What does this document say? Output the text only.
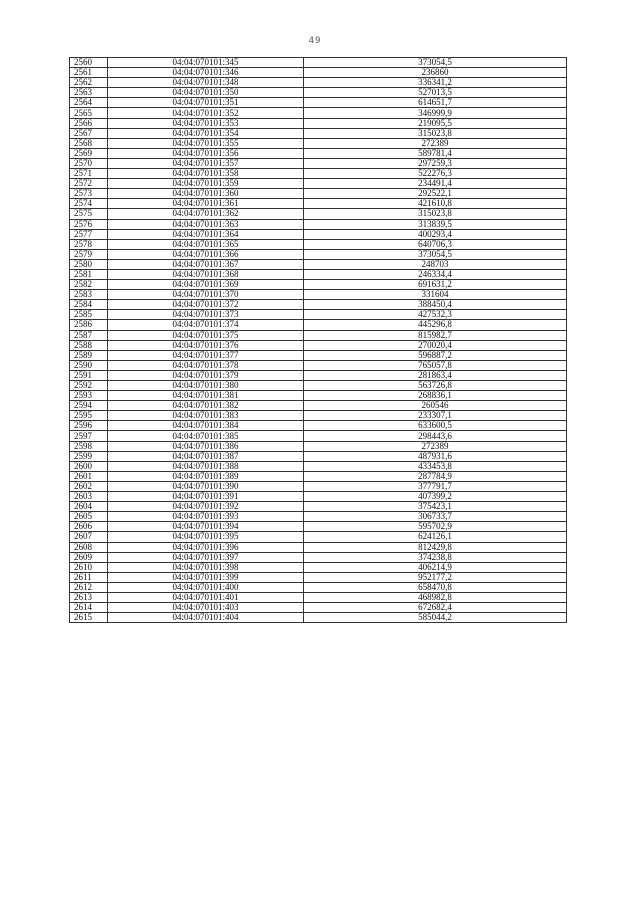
49
2560	04:04:070101:345	373054,5
2561	04:04:070101:346	236860
2562	04:04:070101:348	336341,2
2563	04:04:070101:350	527013,5
2564	04:04:070101:351	614651,7
2565	04:04:070101:352	346999,9
2566	04:04:070101:353	219095,5
2567	04:04:070101:354	315023,8
2568	04:04:070101:355	272389
2569	04:04:070101:356	589781,4
2570	04:04:070101:357	297259,3
2571	04:04:070101:358	522276,3
2572	04:04:070101:359	234491,4
2573	04:04:070101:360	292522,1
2574	04:04:070101:361	421610,8
2575	04:04:070101:362	315023,8
2576	04:04:070101:363	313839,5
2577	04:04:070101:364	400293,4
2578	04:04:070101:365	640706,3
2579	04:04:070101:366	373054,5
2580	04:04:070101:367	248703
2581	04:04:070101:368	246334,4
2582	04:04:070101:369	691631,2
2583	04:04:070101:370	331604
2584	04:04:070101:372	388450,4
2585	04:04:070101:373	427532,3
2586	04:04:070101:374	445296,8
2587	04:04:070101:375	815982,7
2588	04:04:070101:376	270020,4
2589	04:04:070101:377	596887,2
2590	04:04:070101:378	765057,8
2591	04:04:070101:379	281863,4
2592	04:04:070101:380	563726,8
2593	04:04:070101:381	268836,1
2594	04:04:070101:382	260546
2595	04:04:070101:383	233307,1
2596	04:04:070101:384	633600,5
2597	04:04:070101:385	298443,6
2598	04:04:070101:386	272389
2599	04:04:070101:387	487931,6
2600	04:04:070101:388	433453,8
2601	04:04:070101:389	287784,9
2602	04:04:070101:390	377791,7
2603	04:04:070101:391	407399,2
2604	04:04:070101:392	375423,1
2605	04:04:070101:393	306733,7
2606	04:04:070101:394	595702,9
2607	04:04:070101:395	624126,1
2608	04:04:070101:396	812429,8
2609	04:04:070101:397	374238,8
2610	04:04:070101:398	406214,9
2611	04:04:070101:399	952177,2
2612	04:04:070101:400	658470,8
2613	04:04:070101:401	468982,8
2614	04:04:070101:403	672682,4
2615	04:04:070101:404	585044,2
